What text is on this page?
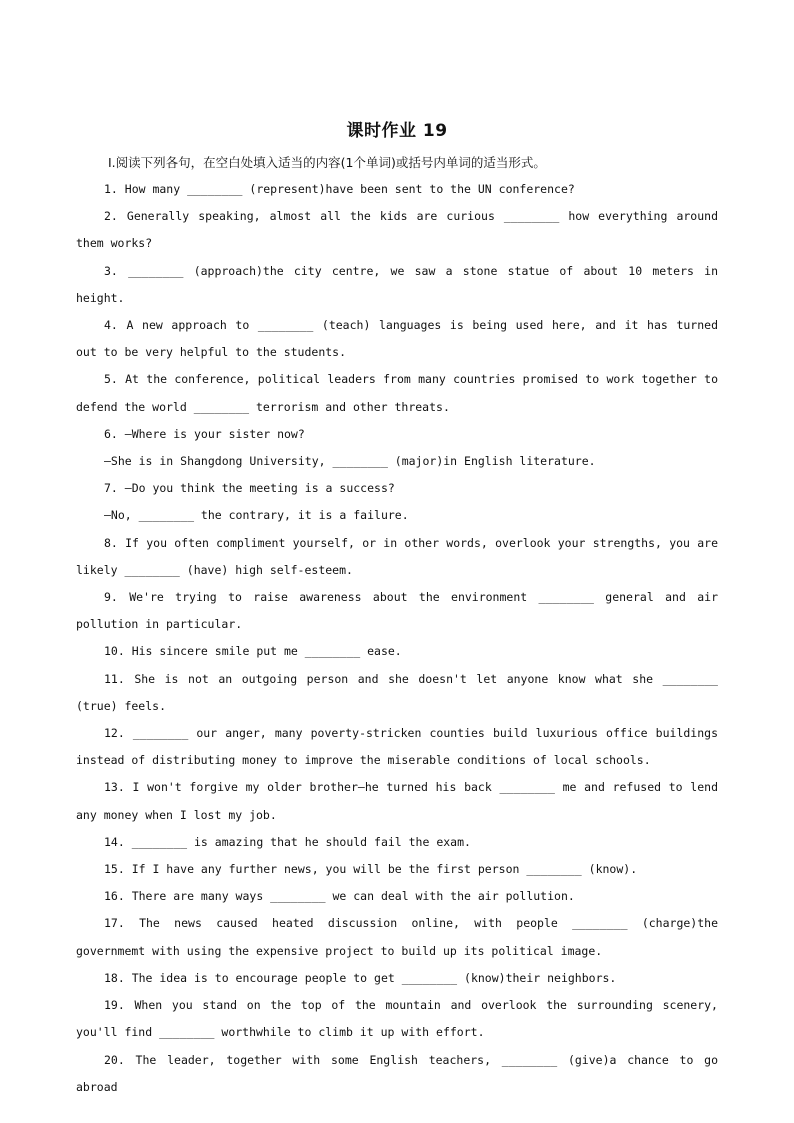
课时作业 19
Ⅰ.阅读下列各句，在空白处填入适当的内容(1个单词)或括号内单词的适当形式。

1. How many ________ (represent)have been sent to the UN conference?

2. Generally speaking, almost all the kids are curious ________ how everything around them works?

3. ________ (approach)the city centre, we saw a stone statue of about 10 meters in height.

4. A new approach to ________ (teach) languages is being used here, and it has turned out to be very helpful to the students.

5. At the conference, political leaders from many countries promised to work together to defend the world ________ terrorism and other threats.

6. —Where is your sister now?

—She is in Shangdong University, ________ (major)in English literature.

7. —Do you think the meeting is a success?

—No, ________ the contrary, it is a failure.

8. If you often compliment yourself, or in other words, overlook your strengths, you are likely ________ (have) high self-esteem.

9. We're trying to raise awareness about the environment ________ general and air pollution in particular.

10. His sincere smile put me ________ ease.

11. She is not an outgoing person and she doesn't let anyone know what she ________ (true) feels.

12. ________ our anger, many poverty-stricken counties build luxurious office buildings instead of distributing money to improve the miserable conditions of local schools.

13. I won't forgive my older brother—he turned his back ________ me and refused to lend any money when I lost my job.

14. ________ is amazing that he should fail the exam.

15. If I have any further news, you will be the first person ________ (know).

16. There are many ways ________ we can deal with the air pollution.

17. The news caused heated discussion online, with people ________ (charge)the governmemt with using the expensive project to build up its political image.

18. The idea is to encourage people to get ________ (know)their neighbors.

19. When you stand on the top of the mountain and overlook the surrounding scenery, you'll find ________ worthwhile to climb it up with effort.

20. The leader, together with some English teachers, ________ (give)a chance to go abroad
